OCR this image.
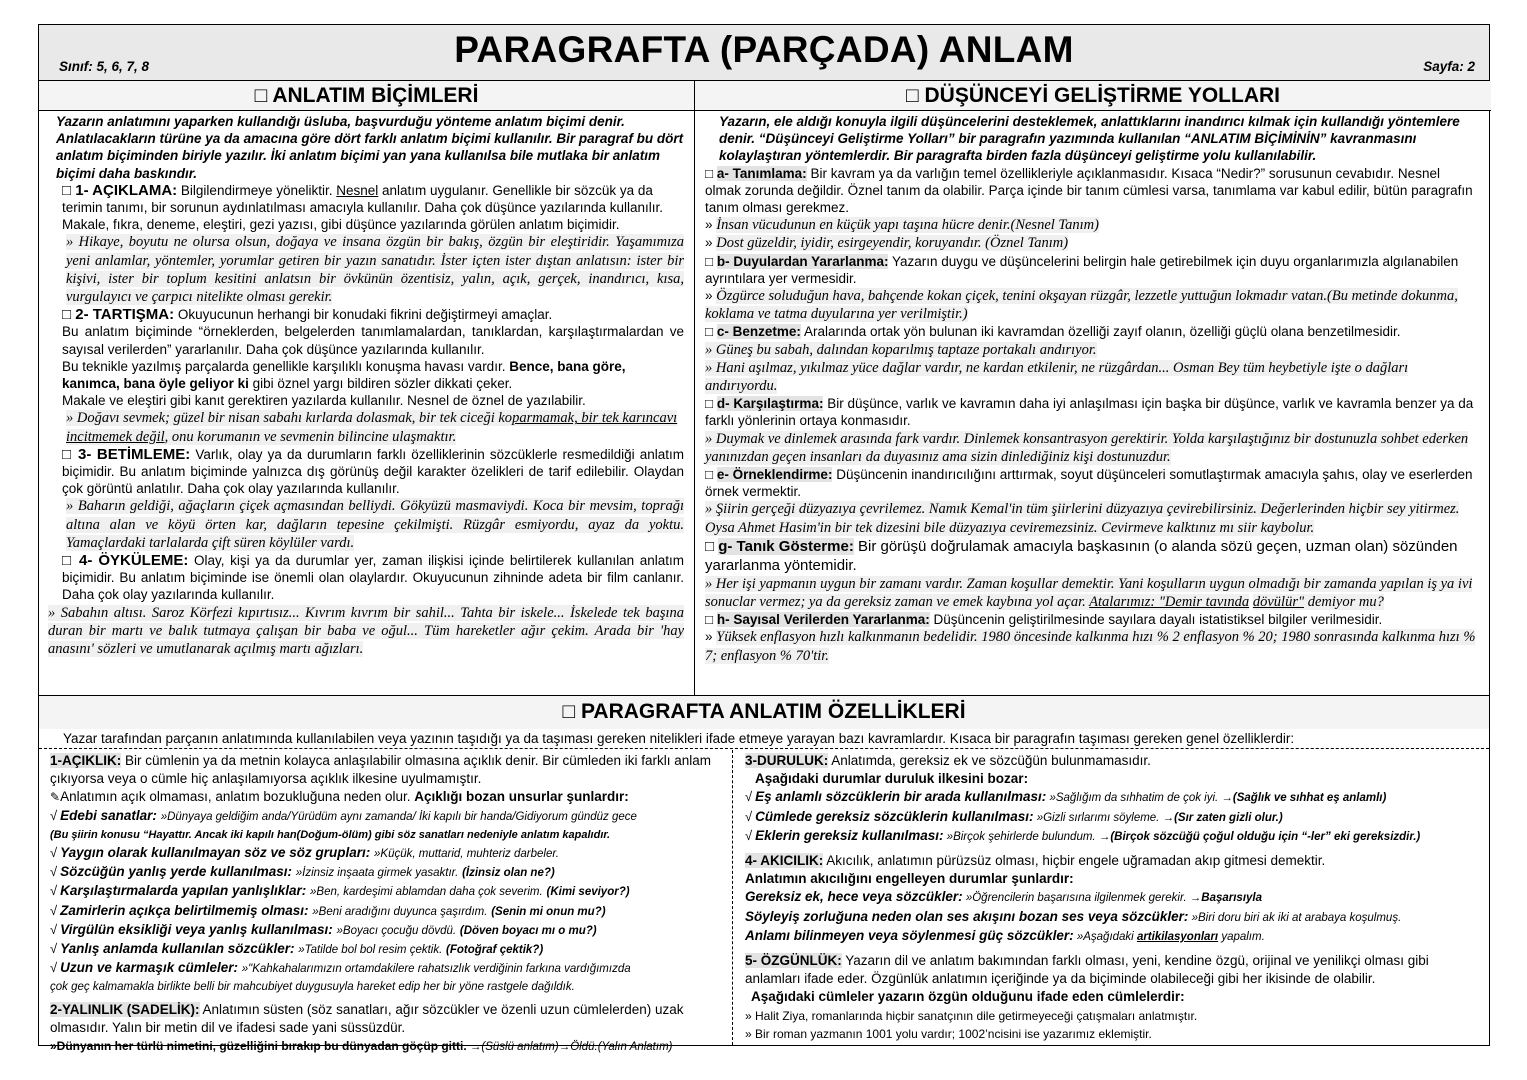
Sınıf: 5, 6, 7, 8	PARAGRAFTA (PARÇADA) ANLAM	Sayfa: 2
□ ANLATIM BİÇİMLERİ	□ DÜŞÜNCEYİ GELİŞTİRME YOLLARI

Yazarın anlatımını yaparken kullandığı üsluba, başvurduğu yönteme anlatım biçimi denir. Anlatılacakların türüne ya da amacına göre dört farklı anlatım biçimi kullanılır. Bir paragraf bu dört anlatım biçiminden biriyle yazılır. İki anlatım biçimi yan yana kullanılsa bile mutlaka bir anlatım biçimi daha baskındır.

□ 1- AÇIKLAMA: Bilgilendirmeye yöneliktir. Nesnel anlatım uygulanır. Genellikle bir sözcük ya da terimin tanımı, bir sorunun aydınlatılması amacıyla kullanılır. Daha çok düşünce yazılarında kullanılır.

Makale, fıkra, deneme, eleştiri, gezi yazısı, gibi düşünce yazılarında görülen anlatım biçimidir.

» Hikaye, boyutu ne olursa olsun, doğaya ve insana özgün bir bakış, özgün bir eleştiridir. Yaşamımıza yeni anlamlar, yöntemler, yorumlar getiren bir yazın sanatıdır. İster içten ister dıştan anlatısın: ister bir kişivi, ister bir toplum kesitini anlatsın bir övkünün özentisiz, yalın, açık, gerçek, inandırıcı, kısa, vurgulayıcı ve çarpıcı nitelikte olması gerekir.

□ 2- TARTIŞMA: Okuyucunun herhangi bir konudaki fikrini değiştirmeyi amaçlar.

Bu anlatım biçiminde “örneklerden, belgelerden tanımlamalardan, tanıklardan, karşılaştırmalardan ve sayısal verilerden” yararlanılır. Daha çok düşünce yazılarında kullanılır.

Bu teknikle yazılmış parçalarda genellikle karşılıklı konuşma havası vardır. Bence, bana göre, kanımca, bana öyle geliyor ki gibi öznel yargı bildiren sözler dikkati çeker.

Makale ve eleştiri gibi kanıt gerektiren yazılarda kullanılır. Nesnel de öznel de yazılabilir.

» Doğavı sevmek; güzel bir nisan sabahı kırlarda dolasmak, bir tek ciceği koparmamak, bir tek karıncavı incitmemek değil, onu korumanın ve sevmenin bilincine ulaşmaktır.

□ 3- BETİMLEME: Varlık, olay ya da durumların farklı özelliklerinin sözcüklerle resmedildiği anlatım biçimidir. Bu anlatım biçiminde yalnızca dış görünüş değil karakter özelikleri de tarif edilebilir. Olaydan çok görüntü anlatılır. Daha çok olay yazılarında kullanılır.

» Baharın geldiği, ağaçların çiçek açmasından belliydi. Gökyüzü masmaviydi. Koca bir mevsim, toprağı altına alan ve köyü örten kar, dağların tepesine çekilmişti. Rüzgâr esmiyordu, ayaz da yoktu. Yamaçlardaki tarlalarda çift süren köylüler vardı.

□ 4- ÖYKÜLEME: Olay, kişi ya da durumlar yer, zaman ilişkisi içinde belirtilerek kullanılan anlatım biçimidir. Bu anlatım biçiminde ise önemli olan olaylardır. Okuyucunun zihninde adeta bir film canlanır. Daha çok olay yazılarında kullanılır.

» Sabahın altısı. Saroz Körfezi kıpırtısız... Kıvrım kıvrım bir sahil... Tahta bir iskele... İskelede tek başına duran bir martı ve balık tutmaya çalışan bir baba ve oğul... Tüm hareketler ağır çekim. Arada bir 'hay anasını' sözleri ve umutlanarak açılmış martı ağızları.

Yazarın, ele aldığı konuyla ilgili düşüncelerini desteklemek, anlattıklarını inandırıcı kılmak için kullandığı yöntemlere denir. “Düşünceyi Geliştirme Yolları” bir paragrafın yazımında kullanılan “ANLATIM BİÇİMİNİN” kavranmasını kolaylaştıran yöntemlerdir. Bir paragrafta birden fazla düşünceyi geliştirme yolu kullanılabilir.

□ a- Tanımlama: Bir kavram ya da varlığın temel özellikleriyle açıklanmasıdır. Kısaca “Nedir?” sorusunun cevabıdır. Nesnel olmak zorunda değildir. Öznel tanım da olabilir. Parça içinde bir tanım cümlesi varsa, tanımlama var kabul edilir, bütün paragrafın tanım olması gerekmez.

» İnsan vücudunun en küçük yapı taşına hücre denir.(Nesnel Tanım)

» Dost güzeldir, iyidir, esirgeyendir, koruyandır. (Öznel Tanım)

□ b- Duyulardan Yararlanma: Yazarın duygu ve düşüncelerini belirgin hale getirebilmek için duyu organlarımızla algılanabilen ayrıntılara yer vermesidir.

» Özgürce soluduğun hava, bahçende kokan çiçek, tenini okşayan rüzgâr, lezzetle yuttuğun lokmadır vatan.(Bu metinde dokunma, koklama ve tatma duyularına yer verilmiştir.)

□ c- Benzetme: Aralarında ortak yön bulunan iki kavramdan özelliği zayıf olanın, özelliği güçlü olana benzetilmesidir.

» Güneş bu sabah, dalından koparılmış taptaze portakalı andırıyor.

» Hani aşılmaz, yıkılmaz yüce dağlar vardır, ne kardan etkilenir, ne rüzgârdan... Osman Bey tüm heybetiyle işte o dağları andırıyordu.

□ d- Karşılaştırma: Bir düşünce, varlık ve kavramın daha iyi anlaşılması için başka bir düşünce, varlık ve kavramla benzer ya da farklı yönlerinin ortaya konmasıdır.

» Duymak ve dinlemek arasında fark vardır. Dinlemek konsantrasyon gerektirir. Yolda karşılaştığınız bir dostunuzla sohbet ederken yanınızdan geçen insanları da duyasınız ama sizin dinlediğiniz kişi dostunuzdur.

□ e- Örneklendirme: Düşüncenin inandırıcılığını arttırmak, soyut düşünceleri somutlaştırmak amacıyla şahıs, olay ve eserlerden örnek vermektir.

» Şiirin gerçeği düzyazıya çevrilemez. Namık Kemal'in tüm şiirlerini düzyazıya çevirebilirsiniz. Değerlerinden hiçbir sey yitirmez. Oysa Ahmet Hasim'in bir tek dizesini bile düzyazıya ceviremezsiniz. Cevirmeve kalktınız mı siir kaybolur.

□ g- Tanık Gösterme: Bir görüşü doğrulamak amacıyla başkasının (o alanda sözü geçen, uzman olan) sözünden yararlanma yöntemidir.

» Her işi yapmanın uygun bir zamanı vardır. Zaman koşullar demektir. Yani koşulların uygun olmadığı bir zamanda yapılan iş ya ivi sonuclar vermez; ya da gereksiz zaman ve emek kaybına yol açar. Atalarımız: "Demir tavında dövülür" demiyor mu?

□ h- Sayısal Verilerden Yararlanma: Düşüncenin geliştirilmesinde sayılara dayalı istatistiksel bilgiler verilmesidir.

» Yüksek enflasyon hızlı kalkınmanın bedelidir. 1980 öncesinde kalkınma hızı % 2 enflasyon % 20; 1980 sonrasında kalkınma hızı % 7; enflasyon % 70'tir.

□ PARAGRAFTA ANLATIM ÖZELLİKLERİ
Yazar tarafından parçanın anlatımında kullanılabilen veya yazının taşıdığı ya da taşıması gereken nitelikleri ifade etmeye yarayan bazı kavramlardır. Kısaca bir paragrafın taşıması gereken genel özelliklerdir:

1-AÇIKLIK: Bir cümlenin ya da metnin kolayca anlaşılabilir olmasına açıklık denir. Bir cümleden iki farklı anlam çıkıyorsa veya o cümle hiç anlaşılamıyorsa açıklık ilkesine uyulmamıştır.

✎Anlatımın açık olmaması, anlatım bozukluğuna neden olur. Açıklığı bozan unsurlar şunlardır:

√ Edebi sanatlar: »Dünyaya geldiğim anda/Yürüdüm aynı zamanda/ İki kapılı bir handa/Gidiyorum gündüz gece

(Bu şiirin konusu “Hayattır. Ancak iki kapılı han(Doğum-ölüm) gibi söz sanatları nedeniyle anlatım kapalıdır.

√ Yaygın olarak kullanılmayan söz ve söz grupları: »Küçük, muttarid, muhteriz darbeler.

√ Sözcüğün yanlış yerde kullanılması: »İzinsiz inşaata girmek yasaktır. (İzinsiz olan ne?)

√ Karşılaştırmalarda yapılan yanlışlıklar: »Ben, kardeşimi ablamdan daha çok severim. (Kimi seviyor?)

√ Zamirlerin açıkça belirtilmemiş olması: »Beni aradığını duyunca şaşırdım. (Senin mi onun mu?)

√ Virgülün eksikliği veya yanlış kullanılması: »Boyacı çocuğu dövdü. (Döven boyacı mı o mu?)

√ Yanlış anlamda kullanılan sözcükler: »Tatilde bol bol resim çektik. (Fotoğraf çektik?)

√ Uzun ve karmaşık cümleler: »"Kahkahalarımızın ortamdakilere rahatsızlık verdiğinin farkına vardığımızda

çok geç kalmamakla birlikte belli bir mahcubiyet duygusuyla hareket edip her bir yöne rastgele dağıldık.

2-YALINLIK (SADELİK): Anlatımın süsten (söz sanatları, ağır sözcükler ve özenli uzun cümlelerden) uzak olmasıdır. Yalın bir metin dil ve ifadesi sade yani süssüzdür.

»Dünyanın her türlü nimetini, güzelliğini bırakıp bu dünyadan göçüp gitti. →(Süslü anlatım)→Öldü.(Yalın Anlatım)

3-DURULUK: Anlatımda, gereksiz ek ve sözcüğün bulunmamasıdır.

Aşağıdaki durumlar duruluk ilkesini bozar:

√ Eş anlamlı sözcüklerin bir arada kullanılması: »Sağlığım da sıhhatim de çok iyi. →(Sağlık ve sıhhat eş anlamlı)

√ Cümlede gereksiz sözcüklerin kullanılması: »Gizli sırlarımı söyleme. →(Sır zaten gizli olur.)

√ Eklerin gereksiz kullanılması: »Birçok şehirlerde bulundum. →(Birçok sözcüğü çoğul olduğu için “-ler” eki gereksizdir.)

4- AKICILIK: Akıcılık, anlatımın pürüzsüz olması, hiçbir engele uğramadan akıp gitmesi demektir.

Anlatımın akıcılığını engelleyen durumlar şunlardır:

Gereksiz ek, hece veya sözcükler: »Öğrencilerin başarısına ilgilenmek gerekir. →Başarısıyla

Söyleyiş zorluğuna neden olan ses akışını bozan ses veya sözcükler: »Biri doru biri ak iki at arabaya koşulmuş.

Anlamı bilinmeyen veya söylenmesi güç sözcükler: »Aşağıdaki artikilasyonları yapalım.

5- ÖZGÜNLÜK: Yazarın dil ve anlatım bakımından farklı olması, yeni, kendine özgü, orijinal ve yenilikçi olması gibi anlamları ifade eder. Özgünlük anlatımın içeriğinde ya da biçiminde olabileceği gibi her ikisinde de olabilir.

Aşağıdaki cümleler yazarın özgün olduğunu ifade eden cümlelerdir:

» Halit Ziya, romanlarında hiçbir sanatçının dile getirmeyeceği çatışmaları anlatmıştır.

» Bir roman yazmanın 1001 yolu vardır; 1002’ncisini ise yazarımız eklemiştir.
